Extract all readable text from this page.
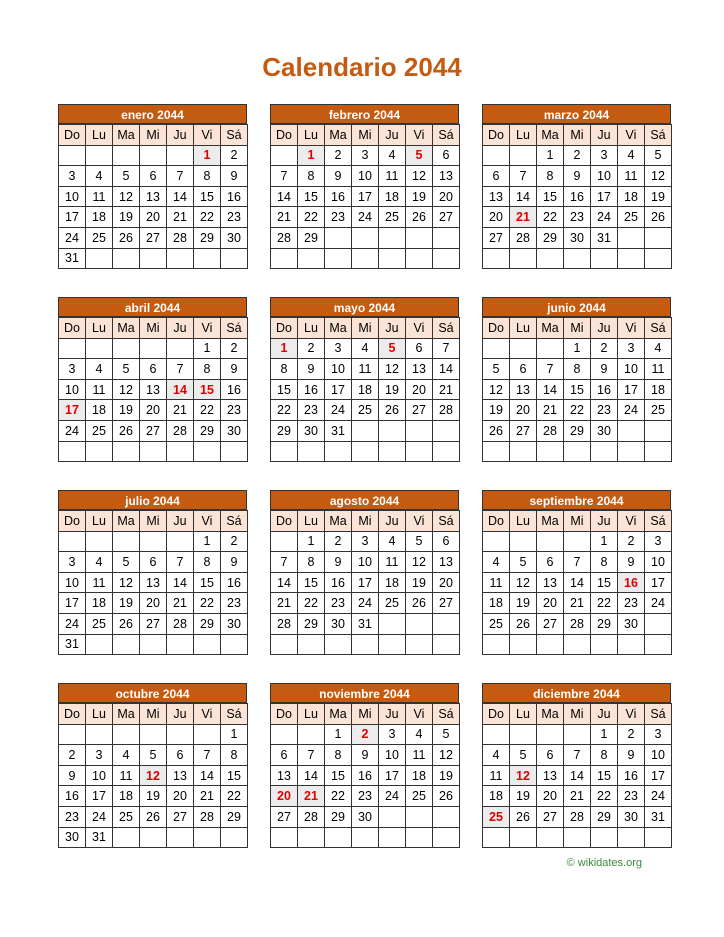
Calendario 2044
enero 2044
Do	Lu	Ma	Mi	Ju	Vi	Sá
					1	2
3	4	5	6	7	8	9
10	11	12	13	14	15	16
17	18	19	20	21	22	23
24	25	26	27	28	29	30
31						
febrero 2044
Do	Lu	Ma	Mi	Ju	Vi	Sá
	1	2	3	4	5	6
7	8	9	10	11	12	13
14	15	16	17	18	19	20
21	22	23	24	25	26	27
28	29					

marzo 2044
Do	Lu	Ma	Mi	Ju	Vi	Sá
		1	2	3	4	5
6	7	8	9	10	11	12
13	14	15	16	17	18	19
20	21	22	23	24	25	26
27	28	29	30	31		

abril 2044
Do	Lu	Ma	Mi	Ju	Vi	Sá
					1	2
3	4	5	6	7	8	9
10	11	12	13	14	15	16
17	18	19	20	21	22	23
24	25	26	27	28	29	30

mayo 2044
Do	Lu	Ma	Mi	Ju	Vi	Sá
1	2	3	4	5	6	7
8	9	10	11	12	13	14
15	16	17	18	19	20	21
22	23	24	25	26	27	28
29	30	31				

junio 2044
Do	Lu	Ma	Mi	Ju	Vi	Sá
			1	2	3	4
5	6	7	8	9	10	11
12	13	14	15	16	17	18
19	20	21	22	23	24	25
26	27	28	29	30		

julio 2044
Do	Lu	Ma	Mi	Ju	Vi	Sá
					1	2
3	4	5	6	7	8	9
10	11	12	13	14	15	16
17	18	19	20	21	22	23
24	25	26	27	28	29	30
31						
agosto 2044
Do	Lu	Ma	Mi	Ju	Vi	Sá
	1	2	3	4	5	6
7	8	9	10	11	12	13
14	15	16	17	18	19	20
21	22	23	24	25	26	27
28	29	30	31			

septiembre 2044
Do	Lu	Ma	Mi	Ju	Vi	Sá
				1	2	3
4	5	6	7	8	9	10
11	12	13	14	15	16	17
18	19	20	21	22	23	24
25	26	27	28	29	30	

octubre 2044
Do	Lu	Ma	Mi	Ju	Vi	Sá
						1
2	3	4	5	6	7	8
9	10	11	12	13	14	15
16	17	18	19	20	21	22
23	24	25	26	27	28	29
30	31					
noviembre 2044
Do	Lu	Ma	Mi	Ju	Vi	Sá
		1	2	3	4	5
6	7	8	9	10	11	12
13	14	15	16	17	18	19
20	21	22	23	24	25	26
27	28	29	30			

diciembre 2044
Do	Lu	Ma	Mi	Ju	Vi	Sá
				1	2	3
4	5	6	7	8	9	10
11	12	13	14	15	16	17
18	19	20	21	22	23	24
25	26	27	28	29	30	31

© wikidates.org
